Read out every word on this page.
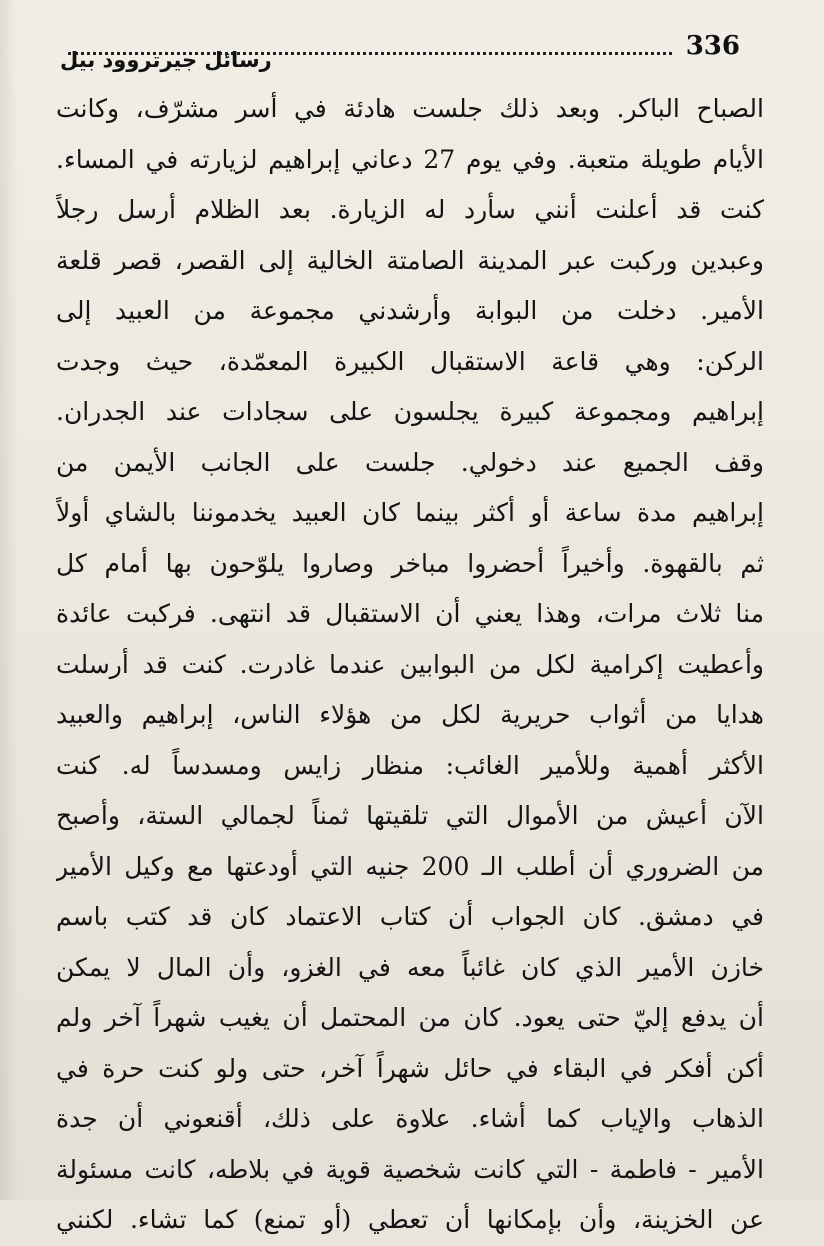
336
رسائل جيرتروود بيل
الصباح الباكر. وبعد ذلك جلست هادئة في أسر مشرّف، وكانت
الأيام طويلة متعبة. وفي يوم 27 دعاني إبراهيم لزيارته في المساء.
كنت قد أعلنت أنني سأرد له الزيارة. بعد الظلام أرسل رجلاً
وعبدين وركبت عبر المدينة الصامتة الخالية إلى القصر، قصر قلعة
الأمير. دخلت من البوابة وأرشدني مجموعة من العبيد إلى
الركن: وهي قاعة الاستقبال الكبيرة المعمّدة، حيث وجدت
إبراهيم ومجموعة كبيرة يجلسون على سجادات عند الجدران.
وقف الجميع عند دخولي. جلست على الجانب الأيمن من
إبراهيم مدة ساعة أو أكثر بينما كان العبيد يخدموننا بالشاي أولاً
ثم بالقهوة. وأخيراً أحضروا مباخر وصاروا يلوّحون بها أمام كل
منا ثلاث مرات، وهذا يعني أن الاستقبال قد انتهى. فركبت عائدة
وأعطيت إكرامية لكل من البوابين عندما غادرت. كنت قد أرسلت
هدايا من أثواب حريرية لكل من هؤلاء الناس، إبراهيم والعبيد
الأكثر أهمية وللأمير الغائب: منظار زايس ومسدساً له. كنت
الآن أعيش من الأموال التي تلقيتها ثمناً لجمالي الستة، وأصبح
من الضروري أن أطلب الـ 200 جنيه التي أودعتها مع وكيل الأمير
في دمشق. كان الجواب أن كتاب الاعتماد كان قد كتب باسم
خازن الأمير الذي كان غائباً معه في الغزو، وأن المال لا يمكن
أن يدفع إليّ حتى يعود. كان من المحتمل أن يغيب شهراً آخر ولم
أكن أفكر في البقاء في حائل شهراً آخر، حتى ولو كنت حرة في
الذهاب والإياب كما أشاء. علاوة على ذلك، أقنعوني أن جدة
الأمير - فاطمة - التي كانت شخصية قوية في بلاطه، كانت مسئولة
عن الخزينة، وأن بإمكانها أن تعطي (أو تمنع) كما تشاء. لكنني
